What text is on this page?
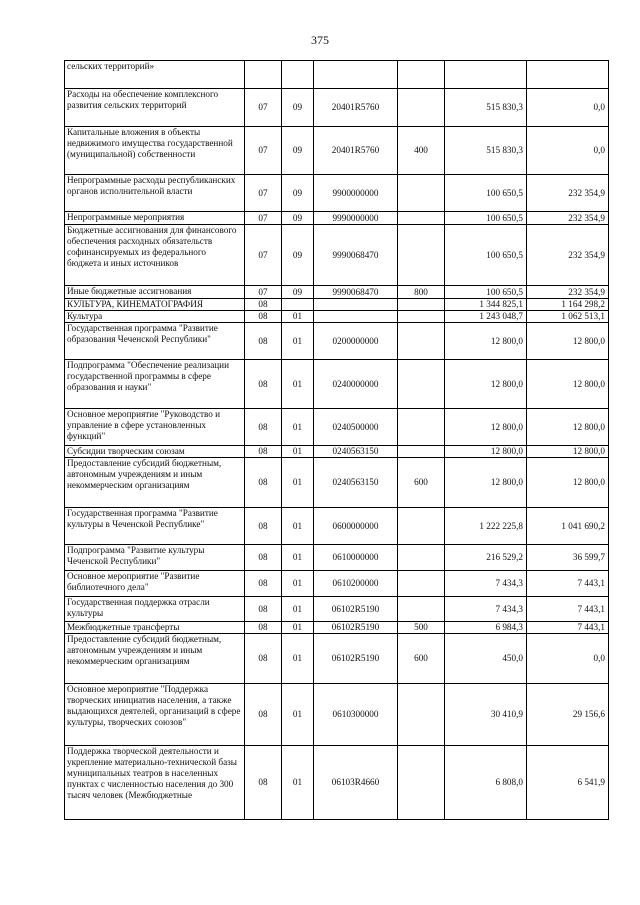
375
сельских территорий»						
Расходы на обеспечение комплексного развития сельских территорий	07	09	20401R5760		515 830,3	0,0
Капитальные вложения в объекты недвижимого имущества государственной (муниципальной) собственности	07	09	20401R5760	400	515 830,3	0,0
Непрограммные расходы республиканских органов исполнительной власти	07	09	9900000000		100 650,5	232 354,9
Непрограммные мероприятия	07	09	9990000000		100 650,5	232 354,9
Бюджетные ассигнования для финансового обеспечения расходных обязательств софинансируемых из федерального бюджета и иных источников	07	09	9990068470		100 650,5	232 354,9
Иные бюджетные ассигнования	07	09	9990068470	800	100 650,5	232 354,9
КУЛЬТУРА, КИНЕМАТОГРАФИЯ	08				1 344 825,1	1 164 298,2
Культура	08	01			1 243 048,7	1 062 513,1
Государственная программа "Развитие образования Чеченской Республики"	08	01	0200000000		12 800,0	12 800,0
Подпрограмма "Обеспечение реализации государственной программы в сфере образования и науки"	08	01	0240000000		12 800,0	12 800,0
Основное мероприятие "Руководство и управление в сфере установленных функций"	08	01	0240500000		12 800,0	12 800,0
Субсидии творческим союзам	08	01	0240563150		12 800,0	12 800,0
Предоставление субсидий бюджетным, автономным учреждениям и иным некоммерческим организациям	08	01	0240563150	600	12 800,0	12 800,0
Государственная программа "Развитие культуры в Чеченской Республике"	08	01	0600000000		1 222 225,8	1 041 690,2
Подпрограмма "Развитие культуры Чеченской Республики"	08	01	0610000000		216 529,2	36 599,7
Основное мероприятие "Развитие библиотечного дела"	08	01	0610200000		7 434,3	7 443,1
Государственная поддержка отрасли культуры	08	01	06102R5190		7 434,3	7 443,1
Межбюджетные трансферты	08	01	06102R5190	500	6 984,3	7 443,1
Предоставление субсидий бюджетным, автономным учреждениям и иным некоммерческим организациям	08	01	06102R5190	600	450,0	0,0
Основное мероприятие "Поддержка творческих инициатив населения, а также выдающихся деятелей, организаций в сфере культуры, творческих союзов"	08	01	0610300000		30 410,9	29 156,6
Поддержка творческой деятельности и укрепление материально-технической базы муниципальных театров в населенных пунктах с численностью населения до 300 тысяч человек (Межбюджетные	08	01	06103R4660		6 808,0	6 541,9
